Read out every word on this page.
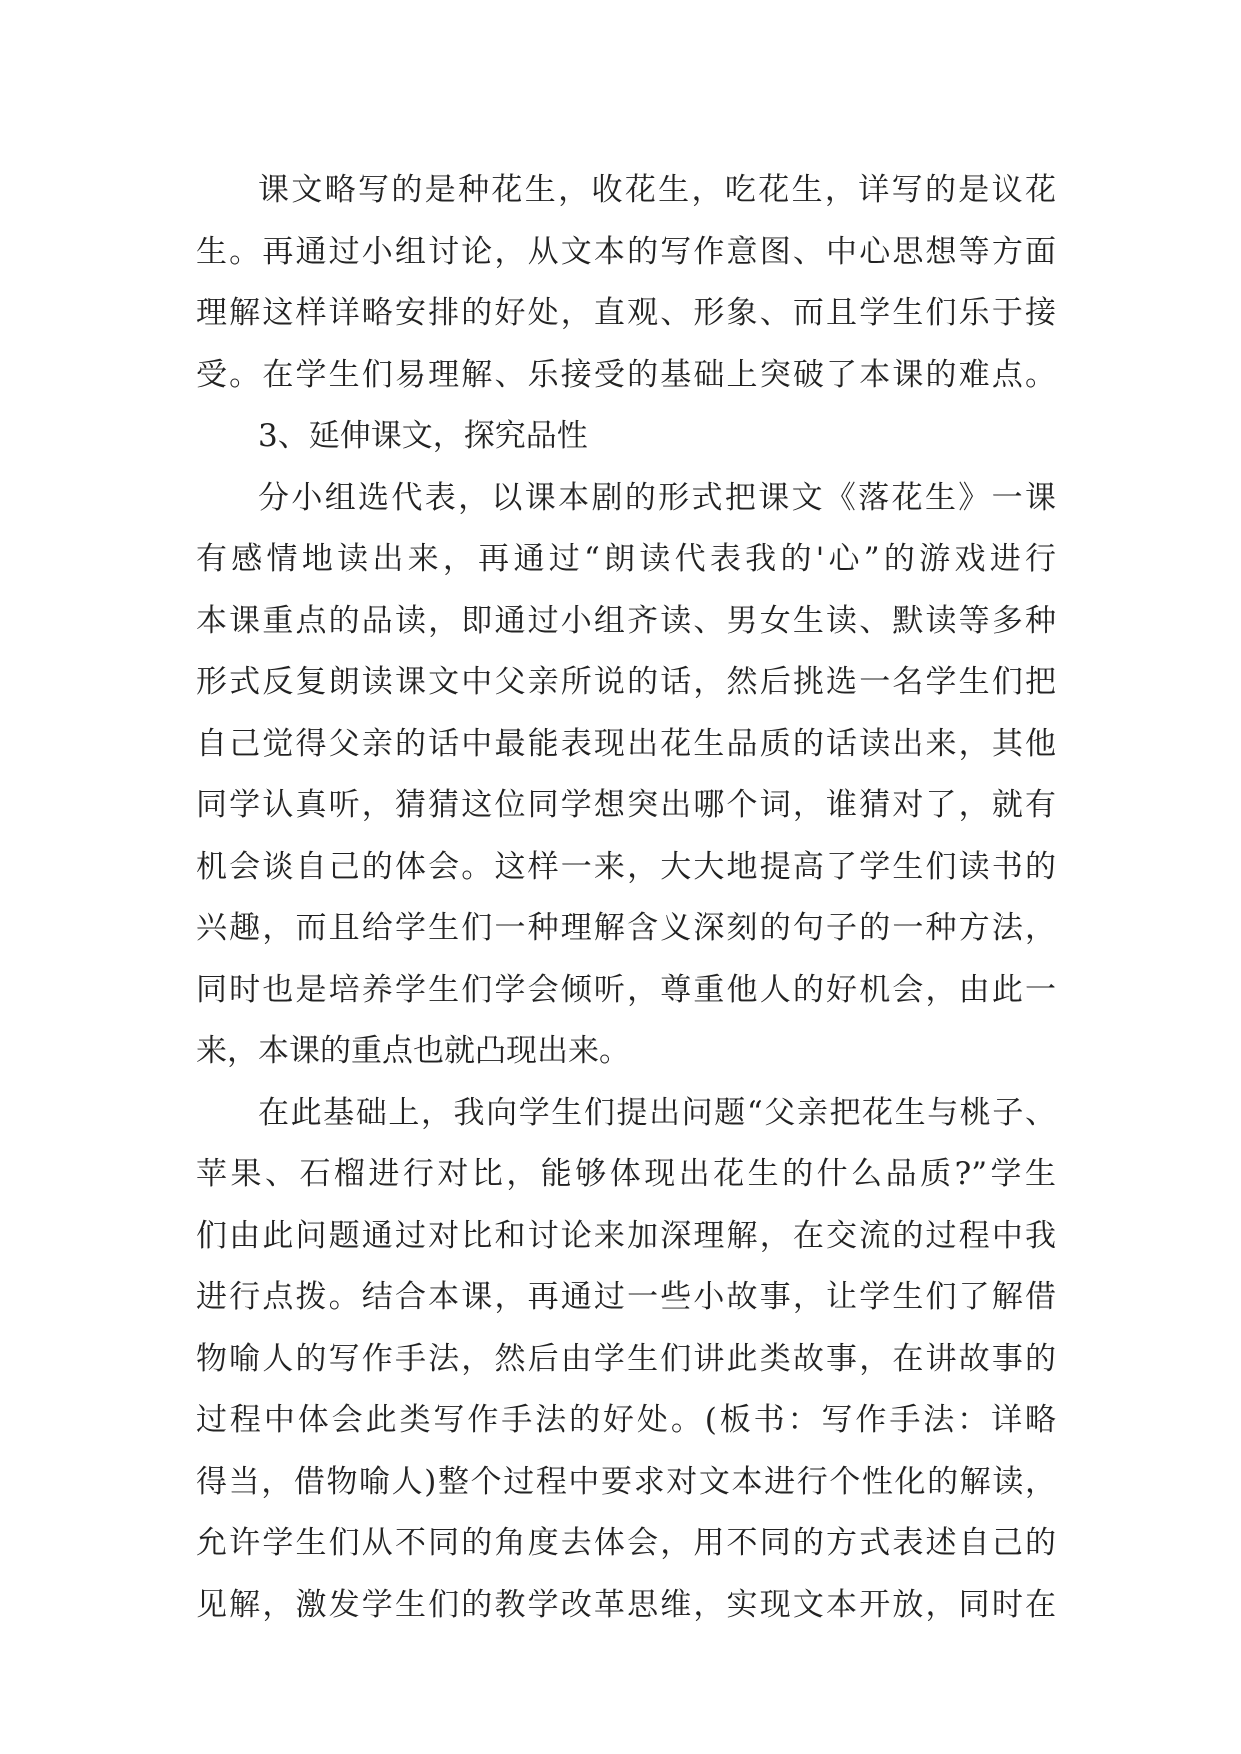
课文略写的是种花生，收花生，吃花生，详写的是议花
生。再通过小组讨论，从文本的写作意图、中心思想等方面
理解这样详略安排的好处，直观、形象、而且学生们乐于接
受。在学生们易理解、乐接受的基础上突破了本课的难点。
3、延伸课文，探究品性
分小组选代表，以课本剧的形式把课文《落花生》一课
有感情地读出来，再通过“朗读代表我的'心”的游戏进行
本课重点的品读，即通过小组齐读、男女生读、默读等多种
形式反复朗读课文中父亲所说的话，然后挑选一名学生们把
自己觉得父亲的话中最能表现出花生品质的话读出来，其他
同学认真听，猜猜这位同学想突出哪个词，谁猜对了，就有
机会谈自己的体会。这样一来，大大地提高了学生们读书的
兴趣，而且给学生们一种理解含义深刻的句子的一种方法，
同时也是培养学生们学会倾听，尊重他人的好机会，由此一
来，本课的重点也就凸现出来。
在此基础上，我向学生们提出问题“父亲把花生与桃子、
苹果、石榴进行对比，能够体现出花生的什么品质?”学生
们由此问题通过对比和讨论来加深理解，在交流的过程中我
进行点拨。结合本课，再通过一些小故事，让学生们了解借
物喻人的写作手法，然后由学生们讲此类故事，在讲故事的
过程中体会此类写作手法的好处。(板书：写作手法：详略
得当，借物喻人)整个过程中要求对文本进行个性化的解读，
允许学生们从不同的角度去体会，用不同的方式表述自己的
见解，激发学生们的教学改革思维，实现文本开放，同时在
